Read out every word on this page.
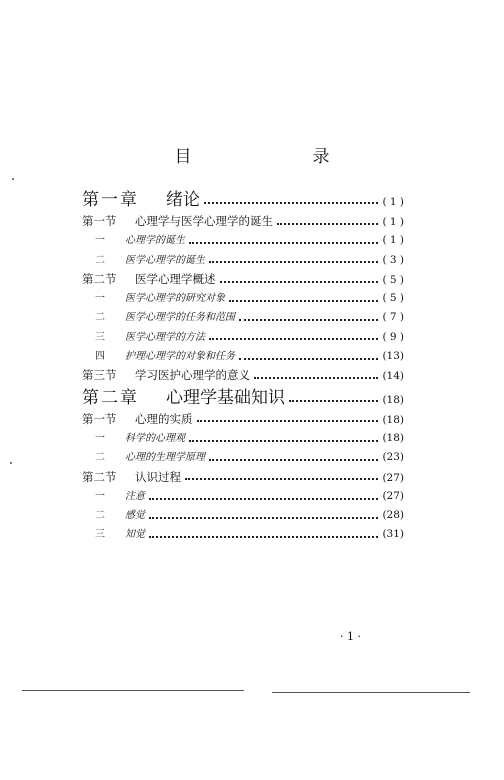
目　录
第一章	绪论	( 1 )
第一节	心理学与医学心理学的诞生	( 1 )
一	心理学的诞生	( 1 )
二	医学心理学的诞生	( 3 )
第二节	医学心理学概述	( 5 )
一	医学心理学的研究对象	( 5 )
二	医学心理学的任务和范围	( 7 )
三	医学心理学的方法	( 9 )
四	护理心理学的对象和任务	(13)
第三节	学习医护心理学的意义	(14)
第二章	心理学基础知识	(18)
第一节	心理的实质	(18)
一	科学的心理观	(18)
二	心理的生理学原理	(23)
第二节	认识过程	(27)
一	注意	(27)
二	感觉	(28)
三	知觉	(31)
· 1 ·
